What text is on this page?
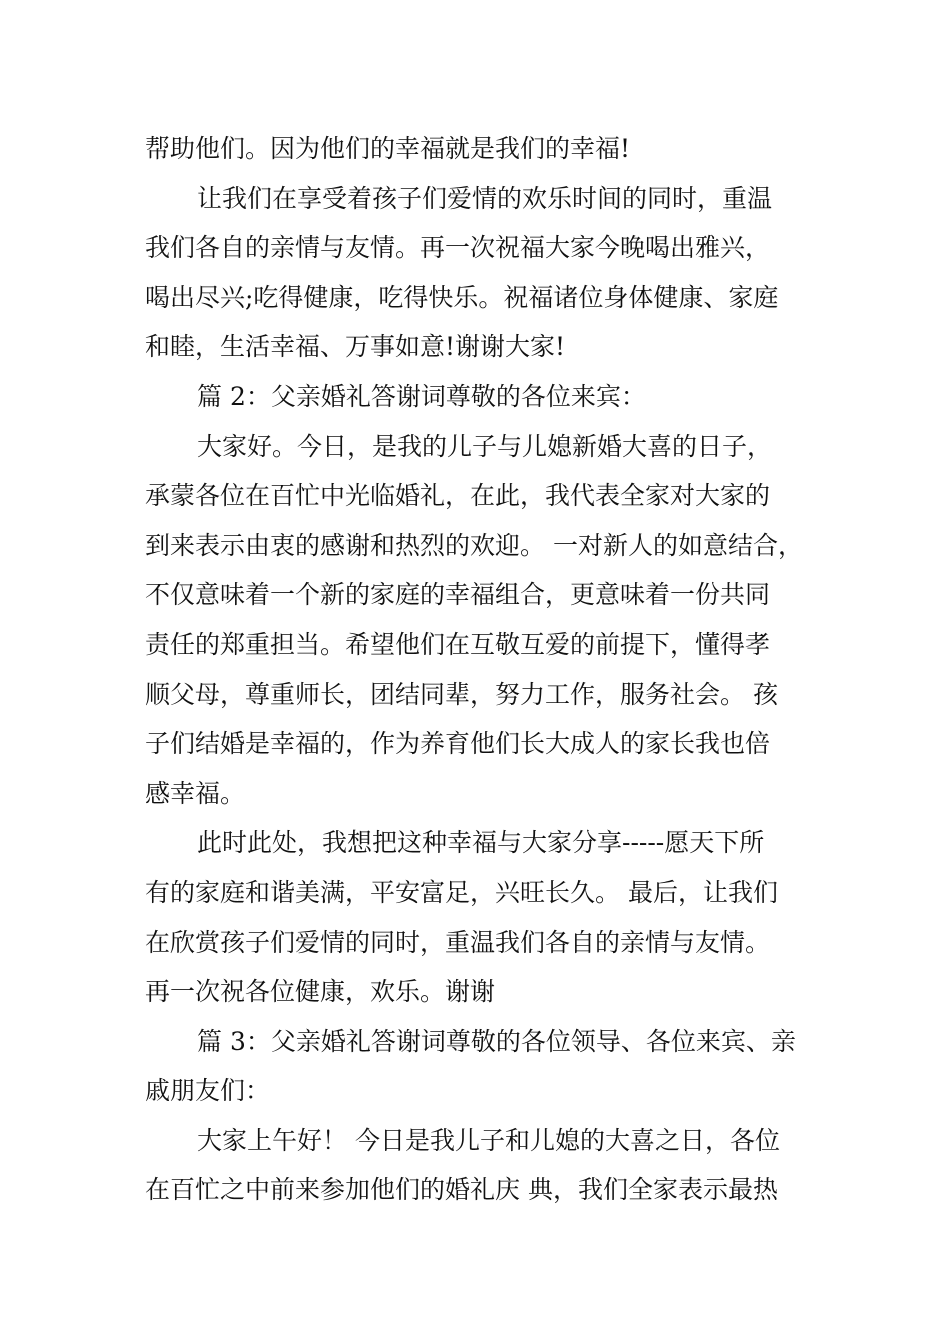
帮助他们。因为他们的幸福就是我们的幸福!
让我们在享受着孩子们爱情的欢乐时间的同时，重温
我们各自的亲情与友情。再一次祝福大家今晚喝出雅兴，
喝出尽兴;吃得健康，吃得快乐。祝福诸位身体健康、家庭
和睦，生活幸福、万事如意!谢谢大家!
篇 2：父亲婚礼答谢词尊敬的各位来宾：
大家好。今日，是我的儿子与儿媳新婚大喜的日子，
承蒙各位在百忙中光临婚礼，在此，我代表全家对大家的
到来表示由衷的感谢和热烈的欢迎。 一对新人的如意结合，
不仅意味着一个新的家庭的幸福组合，更意味着一份共同
责任的郑重担当。希望他们在互敬互爱的前提下，懂得孝
顺父母，尊重师长，团结同辈，努力工作，服务社会。 孩
子们结婚是幸福的，作为养育他们长大成人的家长我也倍
感幸福。
此时此处，我想把这种幸福与大家分享-----愿天下所
有的家庭和谐美满，平安富足，兴旺长久。 最后，让我们
在欣赏孩子们爱情的同时，重温我们各自的亲情与友情。
再一次祝各位健康，欢乐。谢谢
篇 3：父亲婚礼答谢词尊敬的各位领导、各位来宾、亲
戚朋友们：
大家上午好！ 今日是我儿子和儿媳的大喜之日，各位
在百忙之中前来参加他们的婚礼庆 典，我们全家表示最热
